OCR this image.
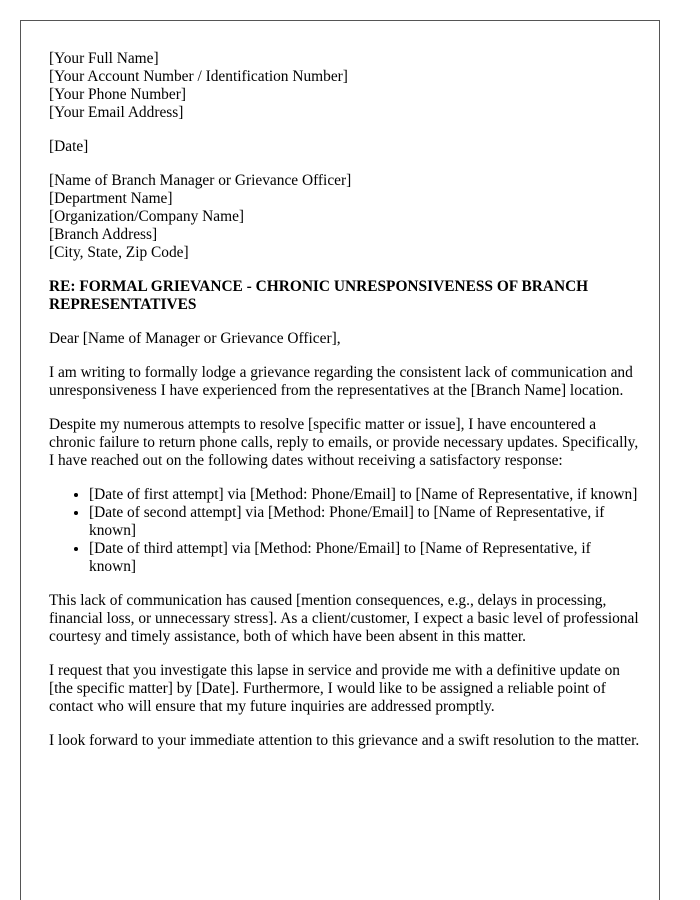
[Your Full Name]
[Your Account Number / Identification Number]
[Your Phone Number]
[Your Email Address]
[Date]
[Name of Branch Manager or Grievance Officer]
[Department Name]
[Organization/Company Name]
[Branch Address]
[City, State, Zip Code]
RE: FORMAL GRIEVANCE - CHRONIC UNRESPONSIVENESS OF BRANCH REPRESENTATIVES

Dear [Name of Manager or Grievance Officer],

I am writing to formally lodge a grievance regarding the consistent lack of communication and unresponsiveness I have experienced from the representatives at the [Branch Name] location.

Despite my numerous attempts to resolve [specific matter or issue], I have encountered a chronic failure to return phone calls, reply to emails, or provide necessary updates. Specifically, I have reached out on the following dates without receiving a satisfactory response:

• [Date of first attempt] via [Method: Phone/Email] to [Name of Representative, if known]
• [Date of second attempt] via [Method: Phone/Email] to [Name of Representative, if known]
• [Date of third attempt] via [Method: Phone/Email] to [Name of Representative, if known]

This lack of communication has caused [mention consequences, e.g., delays in processing, financial loss, or unnecessary stress]. As a client/customer, I expect a basic level of professional courtesy and timely assistance, both of which have been absent in this matter.

I request that you investigate this lapse in service and provide me with a definitive update on [the specific matter] by [Date]. Furthermore, I would like to be assigned a reliable point of contact who will ensure that my future inquiries are addressed promptly.

I look forward to your immediate attention to this grievance and a swift resolution to the matter.
